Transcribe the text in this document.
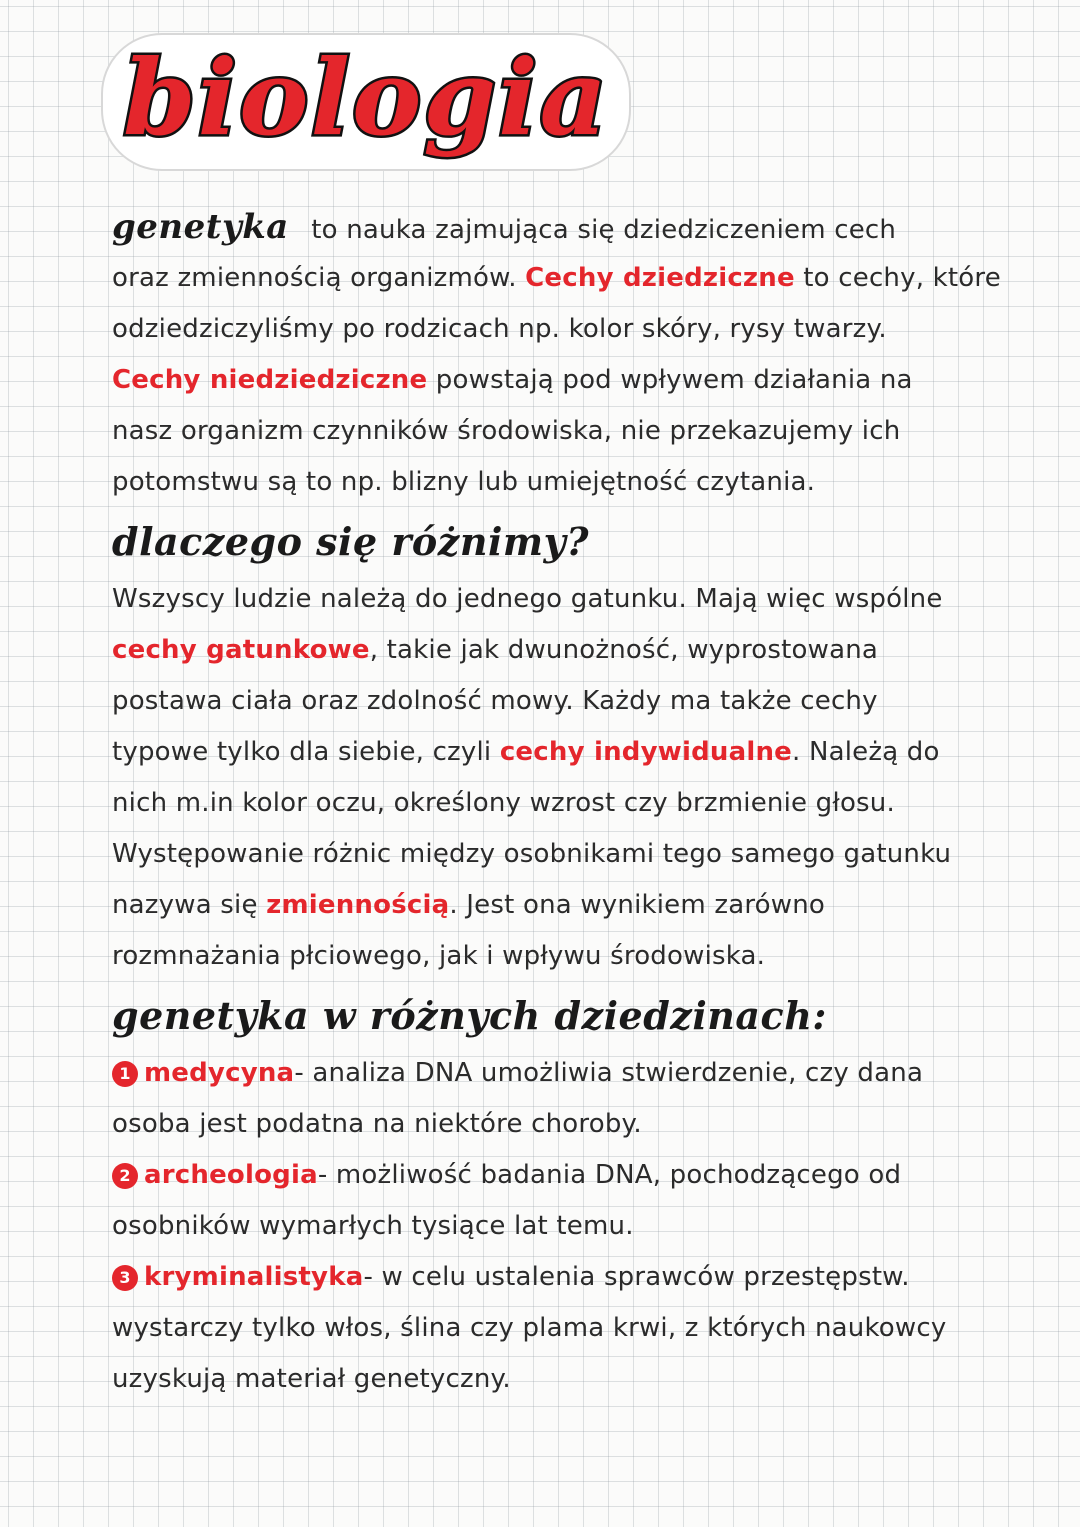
biologia
genetyka to nauka zajmująca się dziedziczeniem cech
oraz zmiennością organizmów. Cechy dziedziczne to cechy, które
odziedziczyliśmy po rodzicach np. kolor skóry, rysy twarzy.
Cechy niedziedziczne powstają pod wpływem działania na
nasz organizm czynników środowiska, nie przekazujemy ich
potomstwu są to np. blizny lub umiejętność czytania.
dlaczego się różnimy?
Wszyscy ludzie należą do jednego gatunku. Mają więc wspólne
cechy gatunkowe, takie jak dwunożność, wyprostowana
postawa ciała oraz zdolność mowy. Każdy ma także cechy
typowe tylko dla siebie, czyli cechy indywidualne. Należą do
nich m.in kolor oczu, określony wzrost czy brzmienie głosu.
Występowanie różnic między osobnikami tego samego gatunku
nazywa się zmiennością. Jest ona wynikiem zarówno
rozmnażania płciowego, jak i wpływu środowiska.
genetyka w różnych dziedzinach:
1 medycyna- analiza DNA umożliwia stwierdzenie, czy dana
osoba jest podatna na niektóre choroby.
2 archeologia- możliwość badania DNA, pochodzącego od
osobników wymarłych tysiące lat temu.
3 kryminalistyka- w celu ustalenia sprawców przestępstw.
wystarczy tylko włos, ślina czy plama krwi, z których naukowcy
uzyskują materiał genetyczny.
